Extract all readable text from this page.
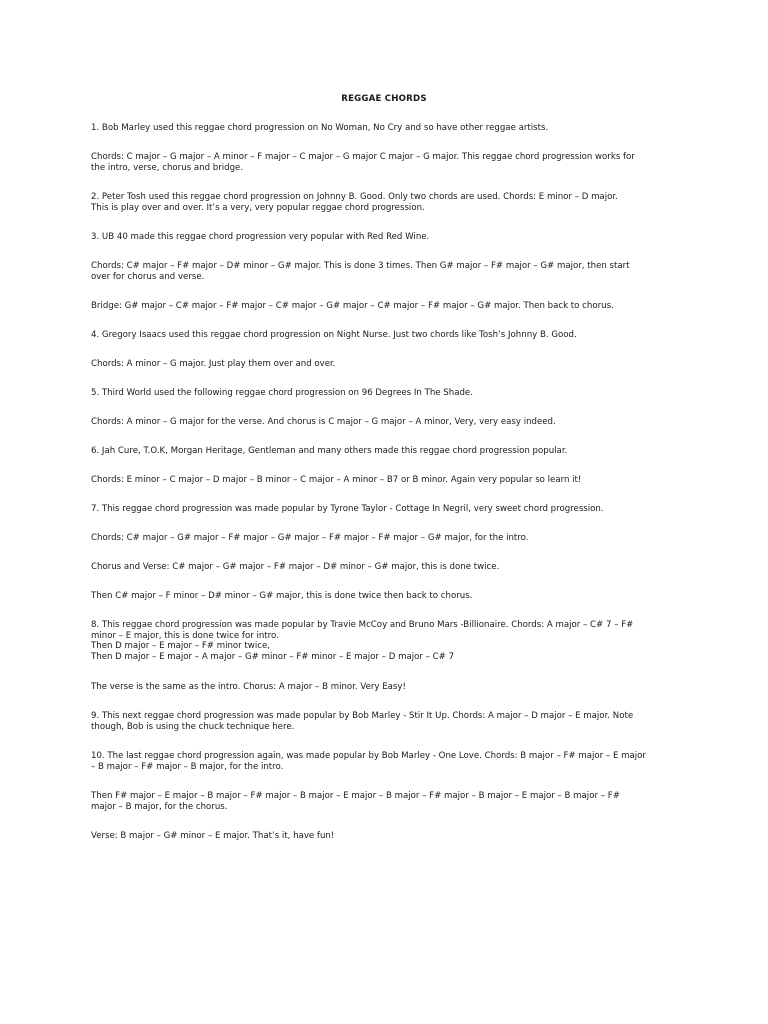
REGGAE CHORDS
1. Bob Marley used this reggae chord progression on No Woman, No Cry and so have other reggae artists.
Chords: C major – G major – A minor – F major – C major – G major C major – G major. This reggae chord progression works for
the intro, verse, chorus and bridge.
2. Peter Tosh used this reggae chord progression on Johnny B. Good. Only two chords are used. Chords: E minor – D major.
This is play over and over. It’s a very, very popular reggae chord progression.
3. UB 40 made this reggae chord progression very popular with Red Red Wine.
Chords: C# major – F# major – D# minor – G# major. This is done 3 times. Then G# major – F# major – G# major, then start
over for chorus and verse.
Bridge: G# major – C# major – F# major – C# major – G# major – C# major – F# major – G# major. Then back to chorus.
4. Gregory Isaacs used this reggae chord progression on Night Nurse. Just two chords like Tosh’s Johnny B. Good.
Chords: A minor – G major. Just play them over and over.
5. Third World used the following reggae chord progression on 96 Degrees In The Shade.
Chords: A minor – G major for the verse. And chorus is C major – G major – A minor, Very, very easy indeed.
6. Jah Cure, T.O.K, Morgan Heritage, Gentleman and many others made this reggae chord progression popular.
Chords: E minor – C major – D major – B minor – C major – A minor – B7 or B minor. Again very popular so learn it!
7. This reggae chord progression was made popular by Tyrone Taylor - Cottage In Negril, very sweet chord progression.
Chords: C# major – G# major – F# major – G# major – F# major – F# major – G# major, for the intro.
Chorus and Verse: C# major – G# major – F# major – D# minor – G# major, this is done twice.
Then C# major – F minor – D# minor – G# major, this is done twice then back to chorus.
8. This reggae chord progression was made popular by Travie McCoy and Bruno Mars -Billionaire. Chords: A major – C# 7 – F#
minor – E major, this is done twice for intro.
Then D major – E major – F# minor twice,
Then D major – E major – A major – G# minor – F# minor – E major – D major – C# 7
The verse is the same as the intro. Chorus: A major – B minor. Very Easy!
9. This next reggae chord progression was made popular by Bob Marley - Stir It Up. Chords: A major – D major – E major. Note
though, Bob is using the chuck technique here.
10. The last reggae chord progression again, was made popular by Bob Marley - One Love. Chords: B major – F# major – E major
– B major – F# major – B major, for the intro.
Then F# major – E major – B major – F# major – B major – E major – B major – F# major – B major – E major – B major – F#
major – B major, for the chorus.
Verse: B major – G# minor – E major. That’s it, have fun!
